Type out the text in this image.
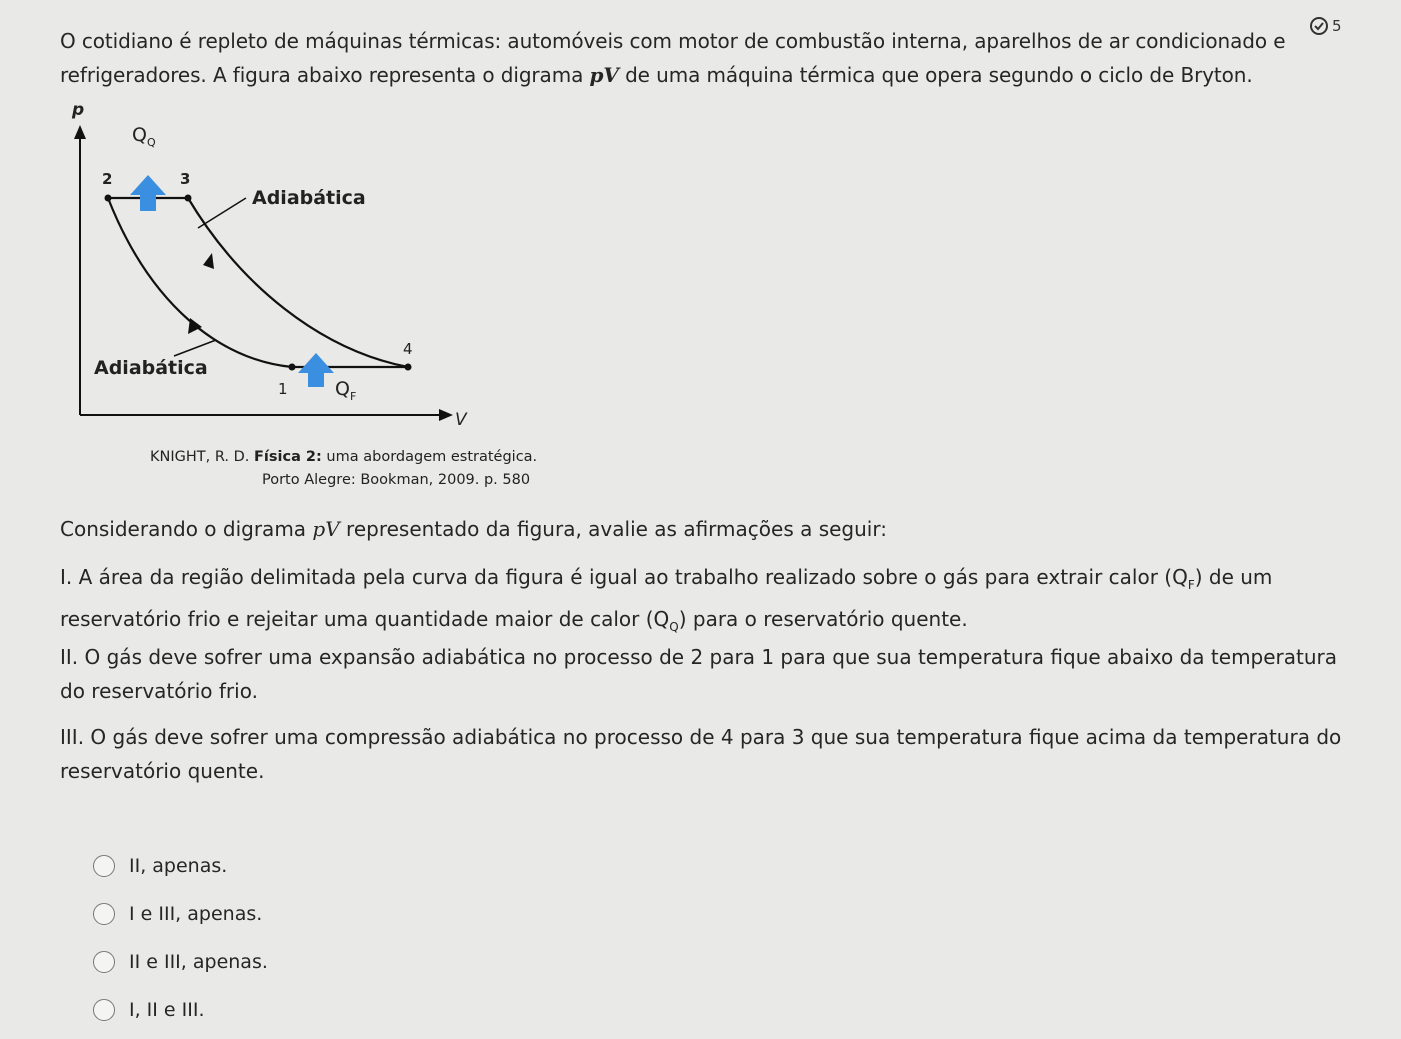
O cotidiano é repleto de máquinas térmicas: automóveis com motor de combustão interna, aparelhos de ar condicionado e refrigeradores. A figura abaixo representa o digrama pV de uma máquina térmica que opera segundo o ciclo de Bryton.
5
p
V
$Q_Q$
$Q_F$
2	3
1
4
Adiabática
Adiabática
KNIGHT, R. D. Física 2: uma abordagem estratégica.
Porto Alegre: Bookman, 2009. p. 580
Considerando o digrama pV representado da figura, avalie as afirmações a seguir:
I. A área da região delimitada pela curva da figura é igual ao trabalho realizado sobre o gás para extrair calor $(Q_F)$ de um reservatório frio e rejeitar uma quantidade maior de calor $(Q_Q)$ para o reservatório quente.
II. O gás deve sofrer uma expansão adiabática no processo de 2 para 1 para que sua temperatura fique abaixo da temperatura do reservatório frio.
III. O gás deve sofrer uma compressão adiabática no processo de 4 para 3 que sua temperatura fique acima da temperatura do reservatório quente.
II, apenas.
I e III, apenas.
II e III, apenas.
I, II e III.
